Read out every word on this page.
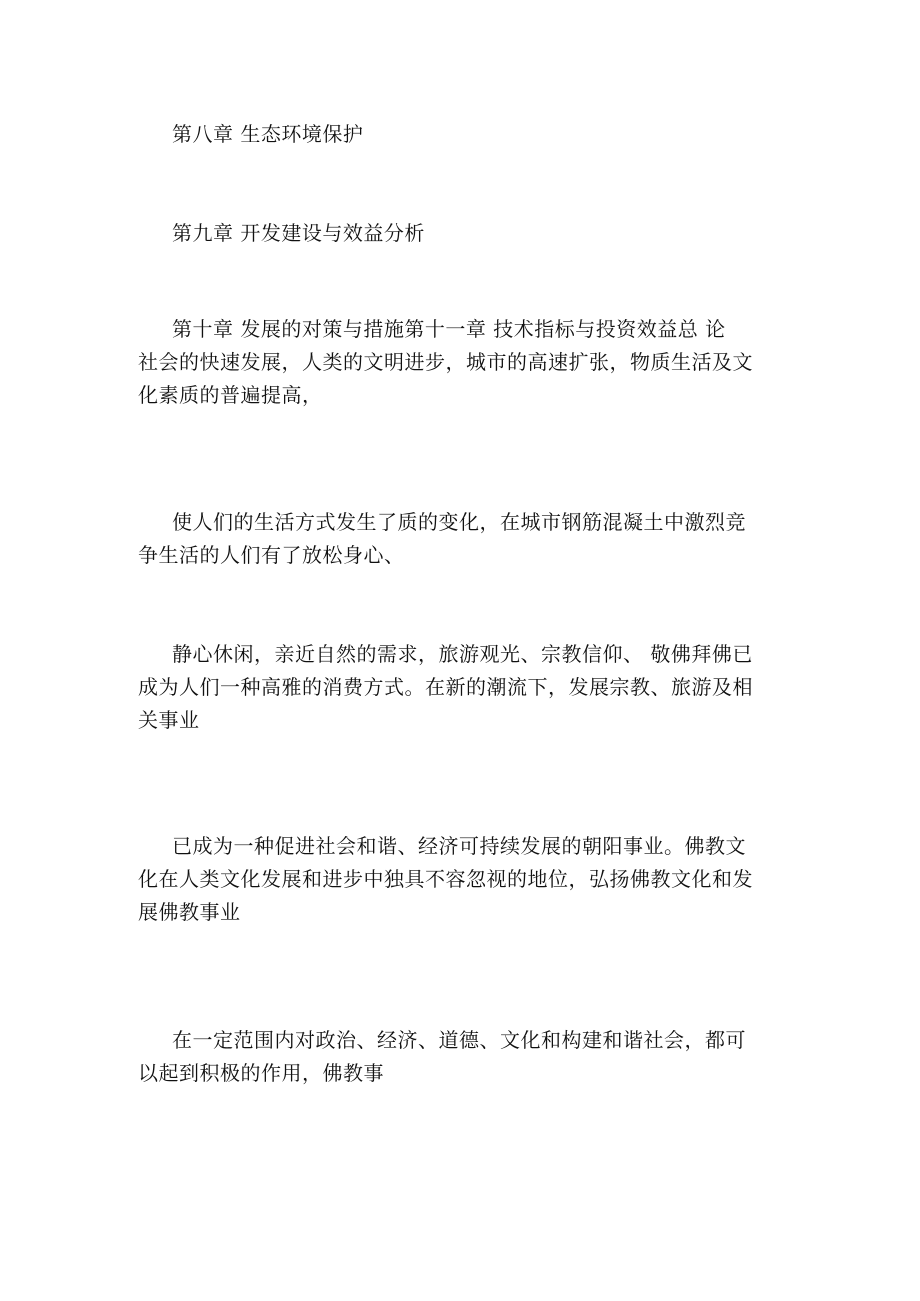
第八章 生态环境保护
第九章 开发建设与效益分析
第十章 发展的对策与措施第十一章 技术指标与投资效益总 论
社会的快速发展，人类的文明进步，城市的高速扩张，物质生活及文
化素质的普遍提高，
使人们的生活方式发生了质的变化，在城市钢筋混凝土中激烈竞
争生活的人们有了放松身心、
静心休闲，亲近自然的需求，旅游观光、宗教信仰、 敬佛拜佛已
成为人们一种高雅的消费方式。在新的潮流下，发展宗教、旅游及相
关事业
已成为一种促进社会和谐、经济可持续发展的朝阳事业。佛教文
化在人类文化发展和进步中独具不容忽视的地位，弘扬佛教文化和发
展佛教事业
在一定范围内对政治、经济、道德、文化和构建和谐社会，都可
以起到积极的作用，佛教事
